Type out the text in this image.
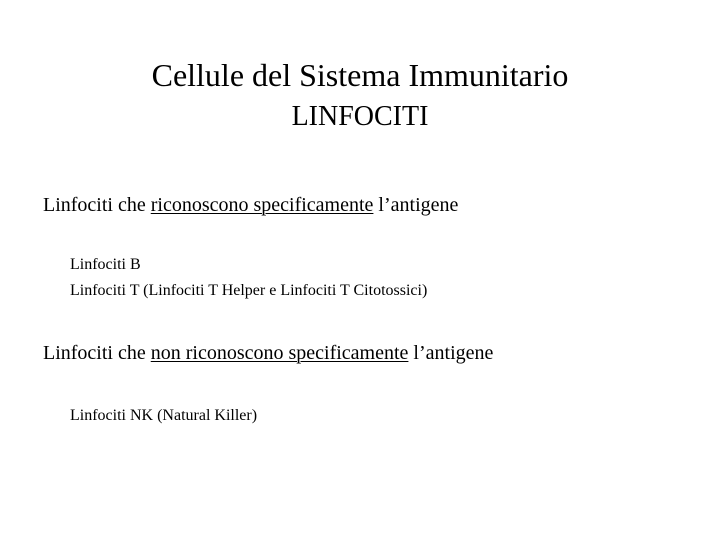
Cellule del Sistema Immunitario
LINFOCITI
Linfociti che riconoscono specificamente l’antigene
Linfociti B
Linfociti T (Linfociti T Helper e Linfociti T Citotossici)
Linfociti che non riconoscono specificamente l’antigene
Linfociti NK (Natural Killer)
